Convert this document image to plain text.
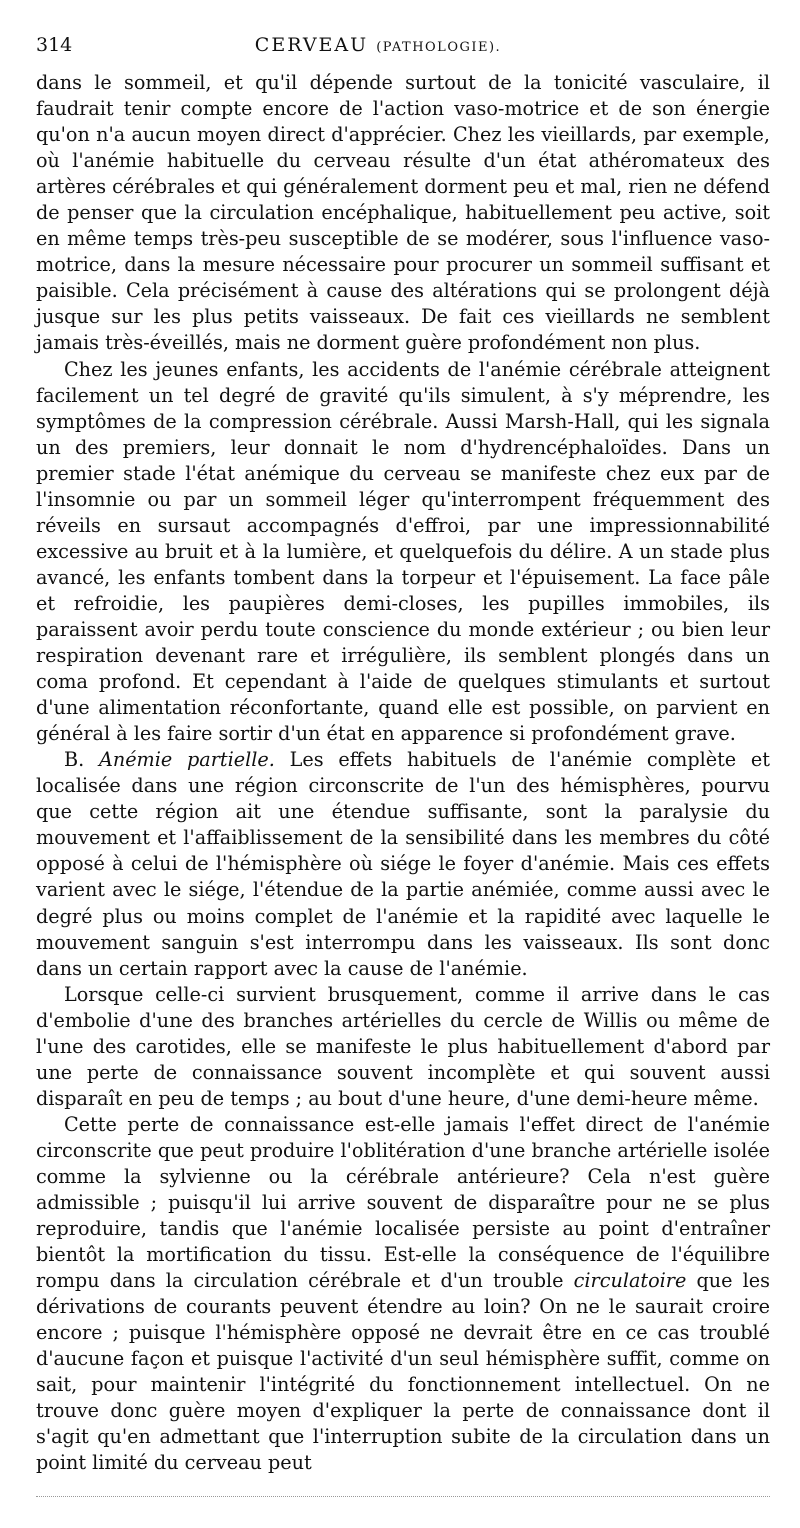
314	CERVEAU (PATHOLOGIE).

dans le sommeil, et qu'il dépende surtout de la tonicité vasculaire, il faudrait tenir compte encore de l'action vaso-motrice et de son énergie qu'on n'a aucun moyen direct d'apprécier. Chez les vieillards, par exemple, où l'anémie habituelle du cerveau résulte d'un état athéromateux des artères cérébrales et qui généralement dorment peu et mal, rien ne défend de penser que la circulation encéphalique, habituellement peu active, soit en même temps très-peu susceptible de se modérer, sous l'influence vaso-motrice, dans la mesure nécessaire pour procurer un sommeil suffisant et paisible. Cela précisément à cause des altérations qui se prolongent déjà jusque sur les plus petits vaisseaux. De fait ces vieillards ne semblent jamais très-éveillés, mais ne dorment guère profondément non plus.

Chez les jeunes enfants, les accidents de l'anémie cérébrale atteignent facilement un tel degré de gravité qu'ils simulent, à s'y méprendre, les symptômes de la compression cérébrale. Aussi Marsh-Hall, qui les signala un des premiers, leur donnait le nom d'hydrencéphaloïdes. Dans un premier stade l'état anémique du cerveau se manifeste chez eux par de l'insomnie ou par un sommeil léger qu'interrompent fréquemment des réveils en sursaut accompagnés d'effroi, par une impressionnabilité excessive au bruit et à la lumière, et quelquefois du délire. A un stade plus avancé, les enfants tombent dans la torpeur et l'épuisement. La face pâle et refroidie, les paupières demi-closes, les pupilles immobiles, ils paraissent avoir perdu toute conscience du monde extérieur ; ou bien leur respiration devenant rare et irrégulière, ils semblent plongés dans un coma profond. Et cependant à l'aide de quelques stimulants et surtout d'une alimentation réconfortante, quand elle est possible, on parvient en général à les faire sortir d'un état en apparence si profondément grave.

B. Anémie partielle. Les effets habituels de l'anémie complète et localisée dans une région circonscrite de l'un des hémisphères, pourvu que cette région ait une étendue suffisante, sont la paralysie du mouvement et l'affaiblissement de la sensibilité dans les membres du côté opposé à celui de l'hémisphère où siége le foyer d'anémie. Mais ces effets varient avec le siége, l'étendue de la partie anémiée, comme aussi avec le degré plus ou moins complet de l'anémie et la rapidité avec laquelle le mouvement sanguin s'est interrompu dans les vaisseaux. Ils sont donc dans un certain rapport avec la cause de l'anémie.

Lorsque celle-ci survient brusquement, comme il arrive dans le cas d'embolie d'une des branches artérielles du cercle de Willis ou même de l'une des carotides, elle se manifeste le plus habituellement d'abord par une perte de connaissance souvent incomplète et qui souvent aussi disparaît en peu de temps ; au bout d'une heure, d'une demi-heure même.

Cette perte de connaissance est-elle jamais l'effet direct de l'anémie circonscrite que peut produire l'oblitération d'une branche artérielle isolée comme la sylvienne ou la cérébrale antérieure? Cela n'est guère admissible ; puisqu'il lui arrive souvent de disparaître pour ne se plus reproduire, tandis que l'anémie localisée persiste au point d'entraîner bientôt la mortification du tissu. Est-elle la conséquence de l'équilibre rompu dans la circulation cérébrale et d'un trouble circulatoire que les dérivations de courants peuvent étendre au loin? On ne le saurait croire encore ; puisque l'hémisphère opposé ne devrait être en ce cas troublé d'aucune façon et puisque l'activité d'un seul hémisphère suffit, comme on sait, pour maintenir l'intégrité du fonctionnement intellectuel. On ne trouve donc guère moyen d'expliquer la perte de connaissance dont il s'agit qu'en admettant que l'interruption subite de la circulation dans un point limité du cerveau peut
